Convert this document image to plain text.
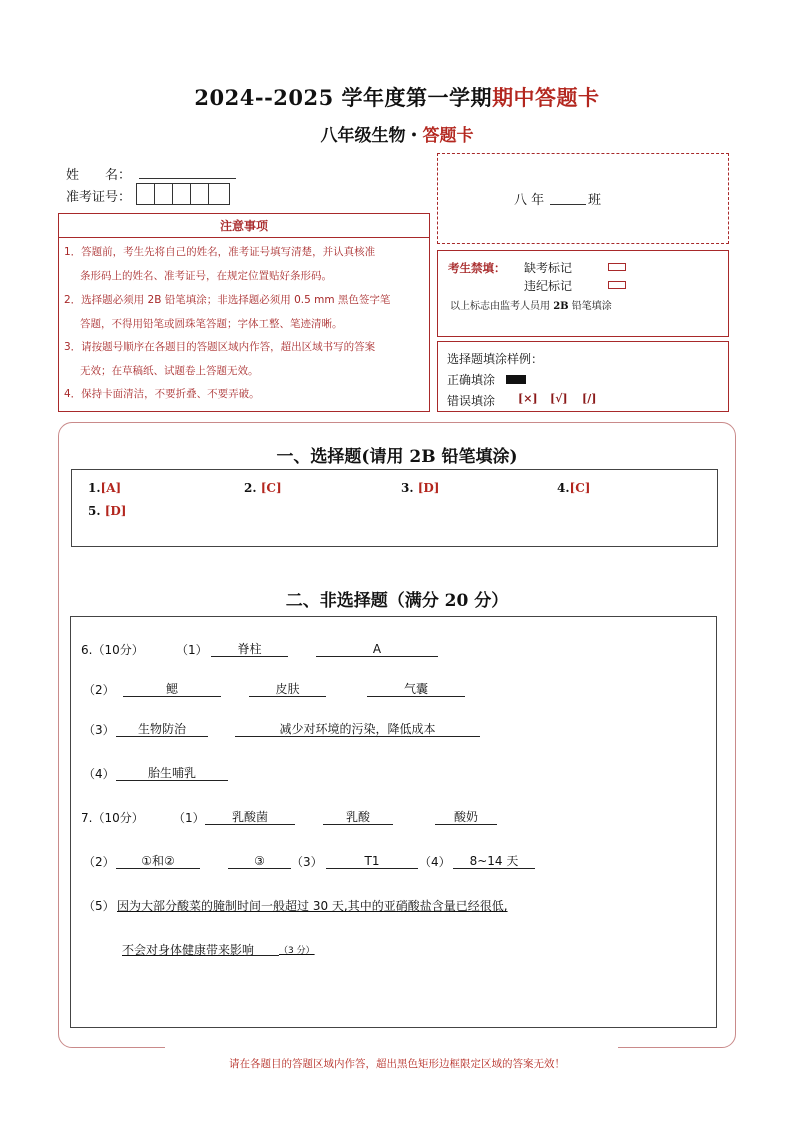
2024--2025 学年度第一学期期中答题卡
八年级生物・答题卡
姓　　名：
准考证号：
注意事项
1．答题前，考生先将自己的姓名，准考证号填写清楚，并认真核准
条形码上的姓名、准考证号，在规定位置贴好条形码。
2．选择题必须用 2B 铅笔填涂；非选择题必须用 0.5 mm 黑色签字笔
答题，不得用铅笔或圆珠笔答题；字体工整、笔迹清晰。
3．请按题号顺序在各题目的答题区域内作答，超出区域书写的答案
无效；在草稿纸、试题卷上答题无效。
4．保持卡面清洁，不要折叠、不要弄破。
八 年	班
考生禁填： 缺考标记
违纪标记
以上标志由监考人员用 2B 铅笔填涂
选择题填涂样例：
正确填涂
错误填涂 [×] [√] [/]
一、选择题(请用 2B 铅笔填涂)
1.[A]	2. [C]	3. [D]	4.[C]
5. [D]
二、非选择题（满分 20 分）
6.（10分）	（1）	脊柱	A
（2）	鳃	皮肤	气囊
（3）	生物防治	减少对环境的污染，降低成本
（4）	胎生哺乳
7.（10分） （1）	乳酸菌	乳酸	酸奶
（2）	①和②	③	（3）	T1	（4）	8~14 天
（5） 因为大部分酸菜的腌制时间一般超过 30 天,其中的亚硝酸盐含量已经很低,
不会对身体健康带来影响	（3 分）
请在各题目的答题区域内作答，超出黑色矩形边框限定区域的答案无效！
